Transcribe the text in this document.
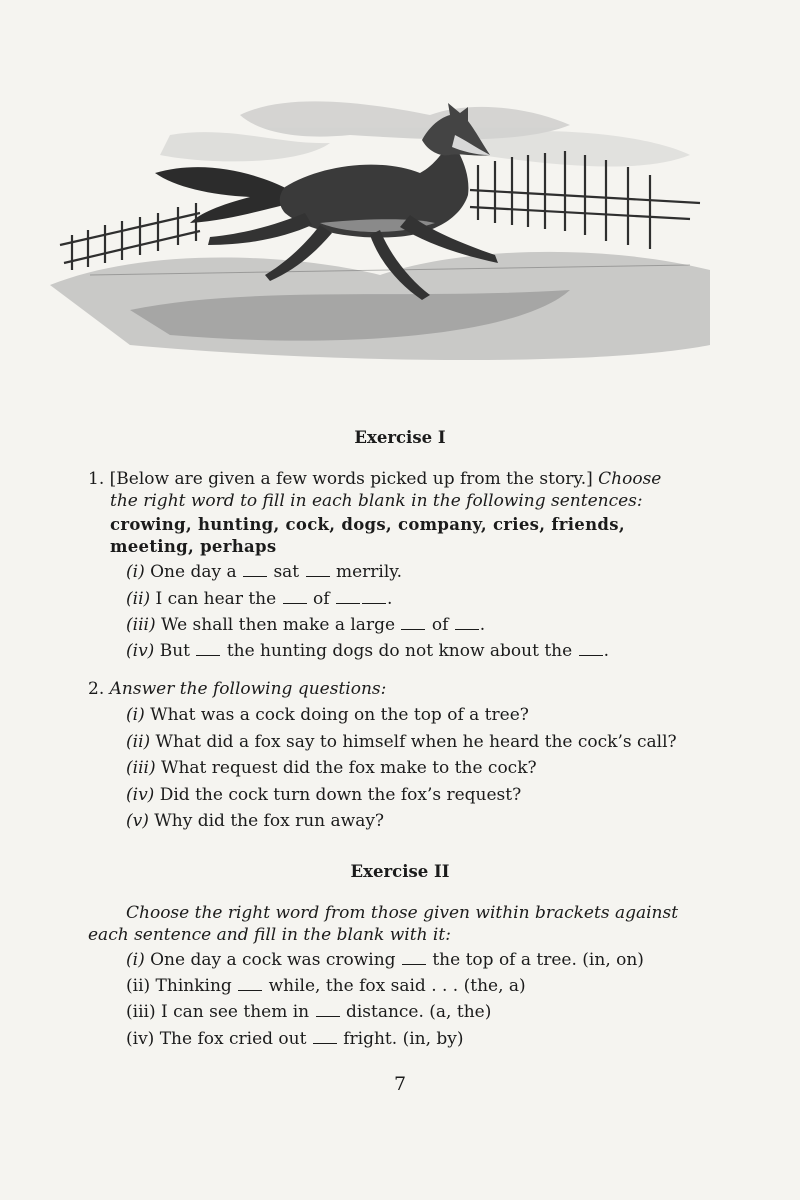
Exercise I
1. [Below are given a few words picked up from the story.] Choose
the right word to fill in each blank in the following sentences:
crowing, hunting, cock, dogs, company, cries, friends,
meeting, perhaps
(i) One day a sat merrily.
(ii) I can hear the of	.
(iii) We shall then make a large of .
(iv) But the hunting dogs do not know about the .
2. Answer the following questions:
(i) What was a cock doing on the top of a tree?
(ii) What did a fox say to himself when he heard the cock’s call?
(iii) What request did the fox make to the cock?
(iv) Did the cock turn down the fox’s request?
(v) Why did the fox run away?
Exercise II
Choose the right word from those given within brackets against
each sentence and fill in the blank with it:
(i) One day a cock was crowing the top of a tree. (in, on)
(ii) Thinking while, the fox said . . . (the, a)
(iii) I can see them in distance. (a, the)
(iv) The fox cried out fright. (in, by)
7
